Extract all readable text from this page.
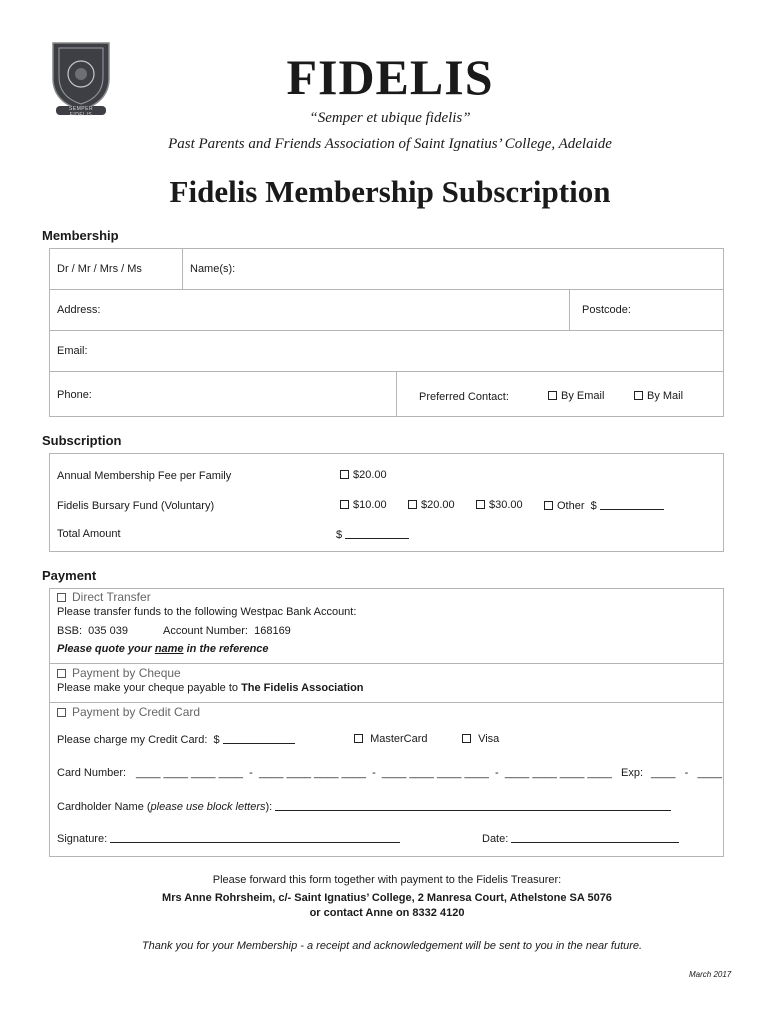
SEMPER FIDELIS
FIDELIS
“Semper et ubique fidelis”
Past Parents and Friends Association of Saint Ignatius’ College, Adelaide
Fidelis Membership Subscription
Membership
Dr / Mr / Mrs / Ms	Name(s):
Address:	Postcode:
Email:
Phone:	Preferred Contact:	By Email	By Mail
Subscription
Annual Membership Fee per Family	$20.00
Fidelis Bursary Fund (Voluntary)	$10.00	$20.00	$30.00	Other  $
Total Amount	$
Payment
Direct Transfer
Please transfer funds to the following Westpac Bank Account:
BSB:  035 039	Account Number:  168169
Please quote your name in the reference
Payment by Cheque
Please make your cheque payable to The Fidelis Association
Payment by Credit Card
Please charge my Credit Card:  $	MasterCard	Visa
Card Number: ____ ____ ____ ____  -  ____ ____ ____ ____  -  ____ ____ ____ ____  -  ____ ____ ____ ____ Exp: ____   -   ____
Cardholder Name (please use block letters):
Signature:	Date:
Please forward this form together with payment to the Fidelis Treasurer:
Mrs Anne Rohrsheim, c/- Saint Ignatius’ College, 2 Manresa Court, Athelstone SA 5076
or contact Anne on 8332 4120
Thank you for your Membership - a receipt and acknowledgement will be sent to you in the near future.
March 2017
